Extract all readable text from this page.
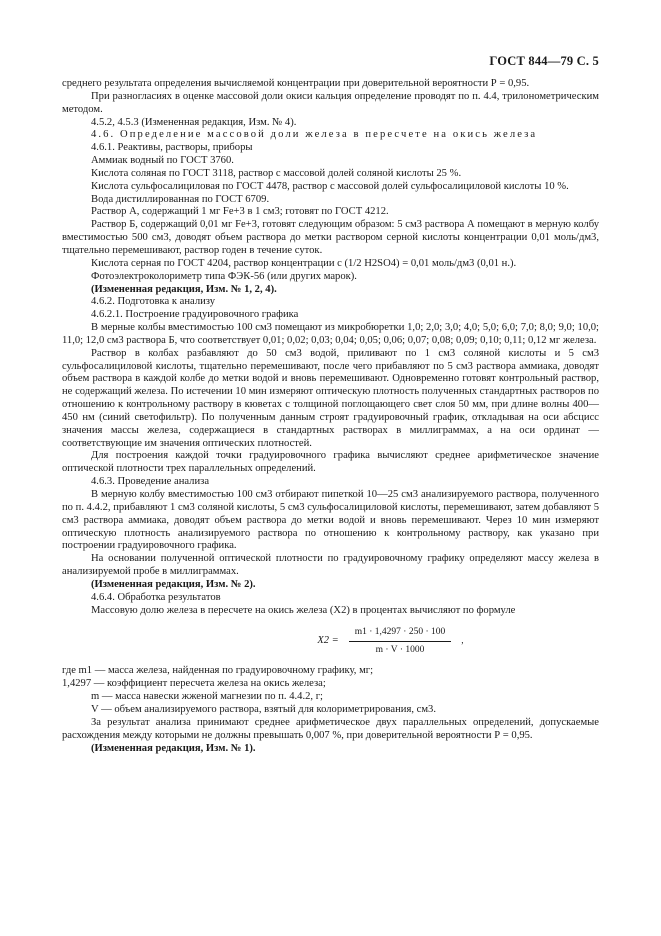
ГОСТ 844—79 С. 5

среднего результата определения вычисляемой концентрации при доверительной вероятности Р = 0,95.

При разногласиях в оценке массовой доли окиси кальция определение проводят по п. 4.4, трилонометрическим методом.

4.5.2, 4.5.3 (Измененная редакция, Изм. № 4).

4.6. Определение массовой доли железа в пересчете на окись железа

4.6.1. Реактивы, растворы, приборы

Аммиак водный по ГОСТ 3760.

Кислота соляная по ГОСТ 3118, раствор с массовой долей соляной кислоты 25 %.

Кислота сульфосалициловая по ГОСТ 4478, раствор с массовой долей сульфосалициловой кислоты 10 %.

Вода дистиллированная по ГОСТ 6709.

Раствор А, содержащий 1 мг Fe+3 в 1 см3; готовят по ГОСТ 4212.

Раствор Б, содержащий 0,01 мг Fe+3, готовят следующим образом: 5 см3 раствора А помещают в мерную колбу вместимостью 500 см3, доводят объем раствора до метки раствором серной кислоты концентрации 0,01 моль/дм3, тщательно перемешивают, раствор годен в течение суток.

Кислота серная по ГОСТ 4204, раствор концентрации с (1/2 H2SO4) = 0,01 моль/дм3 (0,01 н.).

Фотоэлектроколориметр типа ФЭК-56 (или других марок).

(Измененная редакция, Изм. № 1, 2, 4).

4.6.2. Подготовка к анализу

4.6.2.1. Построение градуировочного графика

В мерные колбы вместимостью 100 см3 помещают из микробюретки 1,0; 2,0; 3,0; 4,0; 5,0; 6,0; 7,0; 8,0; 9,0; 10,0; 11,0; 12,0 см3 раствора Б, что соответствует 0,01; 0,02; 0,03; 0,04; 0,05; 0,06; 0,07; 0,08; 0,09; 0,10; 0,11; 0,12 мг железа.

Раствор в колбах разбавляют до 50 см3 водой, приливают по 1 см3 соляной кислоты и 5 см3 сульфосалициловой кислоты, тщательно перемешивают, после чего прибавляют по 5 см3 раствора аммиака, доводят объем раствора в каждой колбе до метки водой и вновь перемешивают. Одновременно готовят контрольный раствор, не содержащий железа. По истечении 10 мин измеряют оптическую плотность полученных стандартных растворов по отношению к контрольному раствору в кюветах с толщиной поглощающего свет слоя 50 мм, при длине волны 400—450 нм (синий светофильтр). По полученным данным строят градуировочный график, откладывая на оси абсцисс значения массы железа, содержащиеся в стандартных растворах в миллиграммах, а на оси ординат — соответствующие им значения оптических плотностей.

Для построения каждой точки градуировочного графика вычисляют среднее арифметическое значение оптической плотности трех параллельных определений.

4.6.3. Проведение анализа

В мерную колбу вместимостью 100 см3 отбирают пипеткой 10—25 см3 анализируемого раствора, полученного по п. 4.4.2, прибавляют 1 см3 соляной кислоты, 5 см3 сульфосалициловой кислоты, перемешивают, затем добавляют 5 см3 раствора аммиака, доводят объем раствора до метки водой и вновь перемешивают. Через 10 мин измеряют оптическую плотность анализируемого раствора по отношению к контрольному раствору, как указано при построении градуировочного графика.

На основании полученной оптической плотности по градуировочному графику определяют массу железа в анализируемой пробе в миллиграммах.

(Измененная редакция, Изм. № 2).

4.6.4. Обработка результатов

Массовую долю железа в пересчете на окись железа (X2) в процентах вычисляют по формуле

$X2 = \frac{m1 \cdot 1,4297 \cdot 250 \cdot 100}{m \cdot V \cdot 1000}$ ,

где m1 — масса железа, найденная по градуировочному графику, мг;

1,4297 — коэффициент пересчета железа на окись железа;

m — масса навески жженой магнезии по п. 4.4.2, г;

V — объем анализируемого раствора, взятый для колориметрирования, см3.

За результат анализа принимают среднее арифметическое двух параллельных определений, допускаемые расхождения между которыми не должны превышать 0,007 %, при доверительной вероятности Р = 0,95.

(Измененная редакция, Изм. № 1).
